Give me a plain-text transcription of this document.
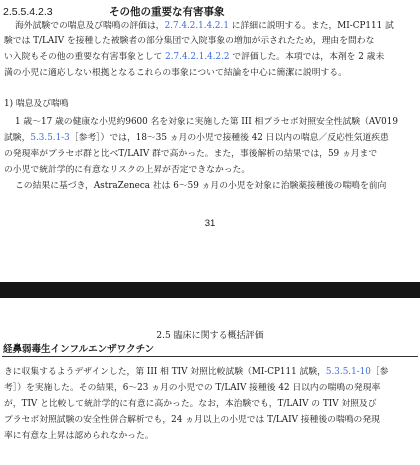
2.5.5.4.2.3	その他の重要な有害事象
海外試験での喘息及び喘鳴の評価は，2.7.4.2.1.4.2.1 に詳細に説明する。また，MI-CP111 試
験では T/LAIV を接種した被験者の部分集団で入院事象の増加が示されたため，理由を問わな
い入院もその他の重要な有害事象として 2.7.4.2.1.4.2.2 で評価した。本項では，本剤を 2 歳未
満の小児に適応しない根拠となるこれらの事象について結論を中心に簡潔に説明する。
1) 喘息及び喘鳴
1 歳～17 歳の健康な小児約9600 名を対象に実施した第 III 相プラセボ対照安全性試験（AV019
試験，5.3.5.1-3［参考］）では，18～35 ヵ月の小児で接種後 42 日以内の喘息／反応性気道疾患
の発現率がプラセボ群と比べT/LAIV 群で高かった。また，事後解析の結果では，59 ヵ月まで
の小児で統計学的に有意なリスクの上昇が否定できなかった。
この結果に基づき，AstraZeneca 社は 6～59 ヵ月の小児を対象に治験薬接種後の喘鳴を前向
31
2.5 臨床に関する概括評価
経鼻弱毒生インフルエンザワクチン
きに収集するようデザインした，第 III 相 TIV 対照比較試験（MI-CP111 試験，5.3.5.1-10［参
考］）を実施した。その結果，6～23 ヵ月の小児での T/LAIV 接種後 42 日以内の喘鳴の発現率
が，TIV と比較して統計学的に有意に高かった。なお，本治験でも，T/LAIV の TIV 対照及び
プラセボ対照試験の安全性併合解析でも，24 ヵ月以上の小児では T/LAIV 接種後の喘鳴の発現
率に有意な上昇は認められなかった。
